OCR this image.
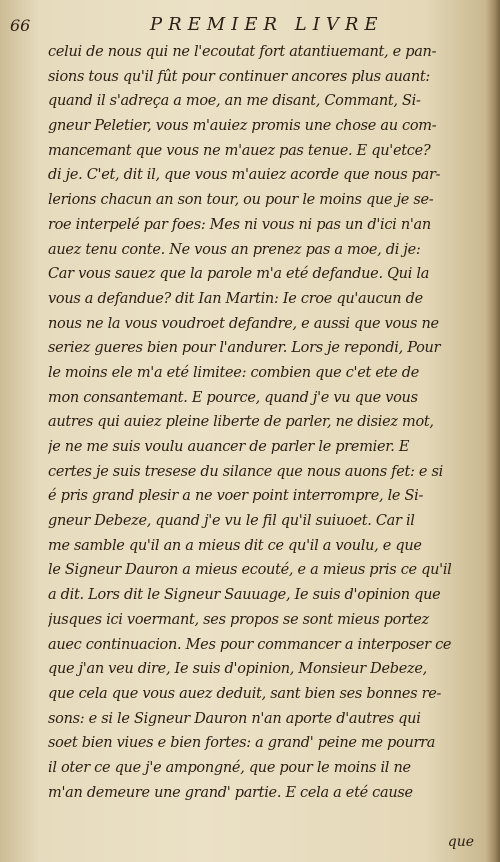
66	PREMIER LIVRE
celui de nous qui ne l'ecoutat fort atantiuemant, e pan-
sions tous qu'il fût pour continuer ancores plus auant:
quand il s'adreça a moe, an me disant, Commant, Si-
gneur Peletier, vous m'auiez promis une chose au com-
mancemant que vous ne m'auez pas tenue. E qu'etce?
di je. C'et, dit il, que vous m'auiez acorde que nous par-
lerions chacun an son tour, ou pour le moins que je se-
roe interpelé par foes: Mes ni vous ni pas un d'ici n'an
auez tenu conte. Ne vous an prenez pas a moe, di je:
Car vous sauez que la parole m'a eté defandue. Qui la
vous a defandue? dit Ian Martin: Ie croe qu'aucun de
nous ne la vous voudroet defandre, e aussi que vous ne
seriez gueres bien pour l'andurer. Lors je repondi, Pour
le moins ele m'a eté limitee: combien que c'et ete de
mon consantemant. E pource, quand j'e vu que vous
autres qui auiez pleine liberte de parler, ne disiez mot,
je ne me suis voulu auancer de parler le premier. E
certes je suis tresese du silance que nous auons fet: e si
é pris grand plesir a ne voer point interrompre, le Si-
gneur Debeze, quand j'e vu le fil qu'il suiuoet. Car il
me samble qu'il an a mieus dit ce qu'il a voulu, e que
le Signeur Dauron a mieus ecouté, e a mieus pris ce qu'il
a dit. Lors dit le Signeur Sauuage, Ie suis d'opinion que
jusques ici voermant, ses propos se sont mieus portez
auec continuacion. Mes pour commancer a interposer ce
que j'an veu dire, Ie suis d'opinion, Monsieur Debeze,
que cela que vous auez deduit, sant bien ses bonnes re-
sons: e si le Signeur Dauron n'an aporte d'autres qui
soet bien viues e bien fortes: a grand' peine me pourra
il oter ce que j'e ampongné, que pour le moins il ne
m'an demeure une grand' partie. E cela a eté cause
que
